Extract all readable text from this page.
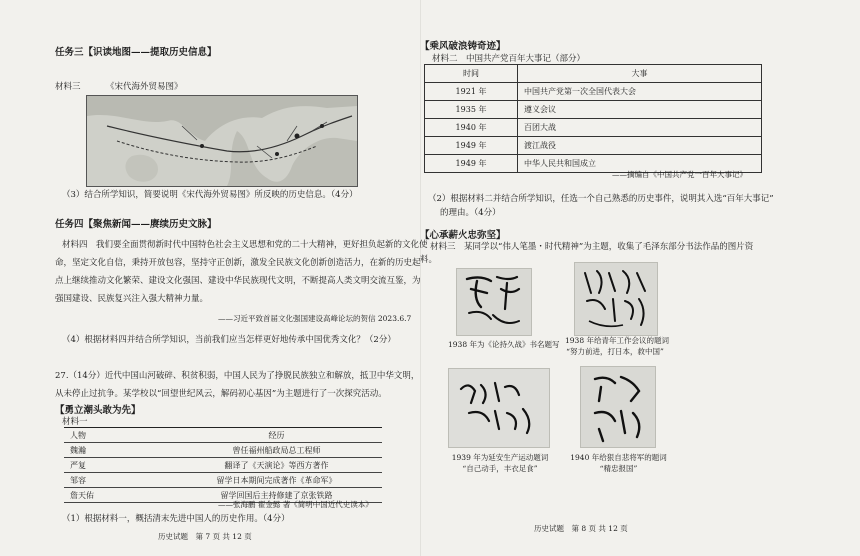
任务三【识读地图——提取历史信息】
材料三	《宋代海外贸易图》
（3）结合所学知识，简要说明《宋代海外贸易图》所反映的历史信息。（4分）
任务四【聚焦新闻——赓续历史文脉】
材料四　我们要全面贯彻新时代中国特色社会主义思想和党的二十大精神，更好担负起新的文化使
命，坚定文化自信，秉持开放包容，坚持守正创新，激发全民族文化创新创造活力，在新的历史起
点上继续推动文化繁荣、建设文化强国、建设中华民族现代文明，不断提高人类文明交流互鉴，为
强国建设、民族复兴注入强大精神力量。
——习近平致首届文化强国建设高峰论坛的贺信 2023.6.7
（4）根据材料四并结合所学知识，当前我们应当怎样更好地传承中国优秀文化？（2分）
27.（14分）近代中国山河破碎、积贫积弱，中国人民为了挣脱民族独立和解放，抵卫中华文明，
从未停止过抗争。某学校以“回望世纪风云，解码初心基因”为主题进行了一次探究活动。
【勇立潮头敢为先】
材料一
人物	经历
魏瀚	曾任福州船政局总工程师
严复	翻译了《天演论》等西方著作
邹容	留学日本期间完成著作《革命军》
詹天佑	留学回国后主持修建了京张铁路
——张海鹏 翟金懿 著《简明中国近代史读本》
（1）根据材料一，概括清末先进中国人的历史作用。（4分）
历史试题　第 7 页 共 12 页
【乘风破浪铸奇迹】
材料二　中国共产党百年大事记（部分）
时间	大事
1921 年	中国共产党第一次全国代表大会
1935 年	遵义会议
1940 年	百团大战
1949 年	渡江战役
1949 年	中华人民共和国成立
——摘编自《中国共产党一百年大事记》
（2）根据材料二并结合所学知识，任选一个自己熟悉的历史事件，说明其入选“百年大事记”
的理由。（4分）
【心承薪火忠弥坚】
材料三　某同学以“伟人笔墨・时代精神”为主题，收集了毛泽东部分书法作品的图片资
料。
1938 年为《论持久战》书名题写 1938 年给青年工作会议的题词
“努力前进，打日本，救中国”
1939 年为延安生产运动题词
“自己动手，丰衣足食”
1940 年给狠自悲将军的题词
“精忠报国”
历史试题　第 8 页 共 12 页
